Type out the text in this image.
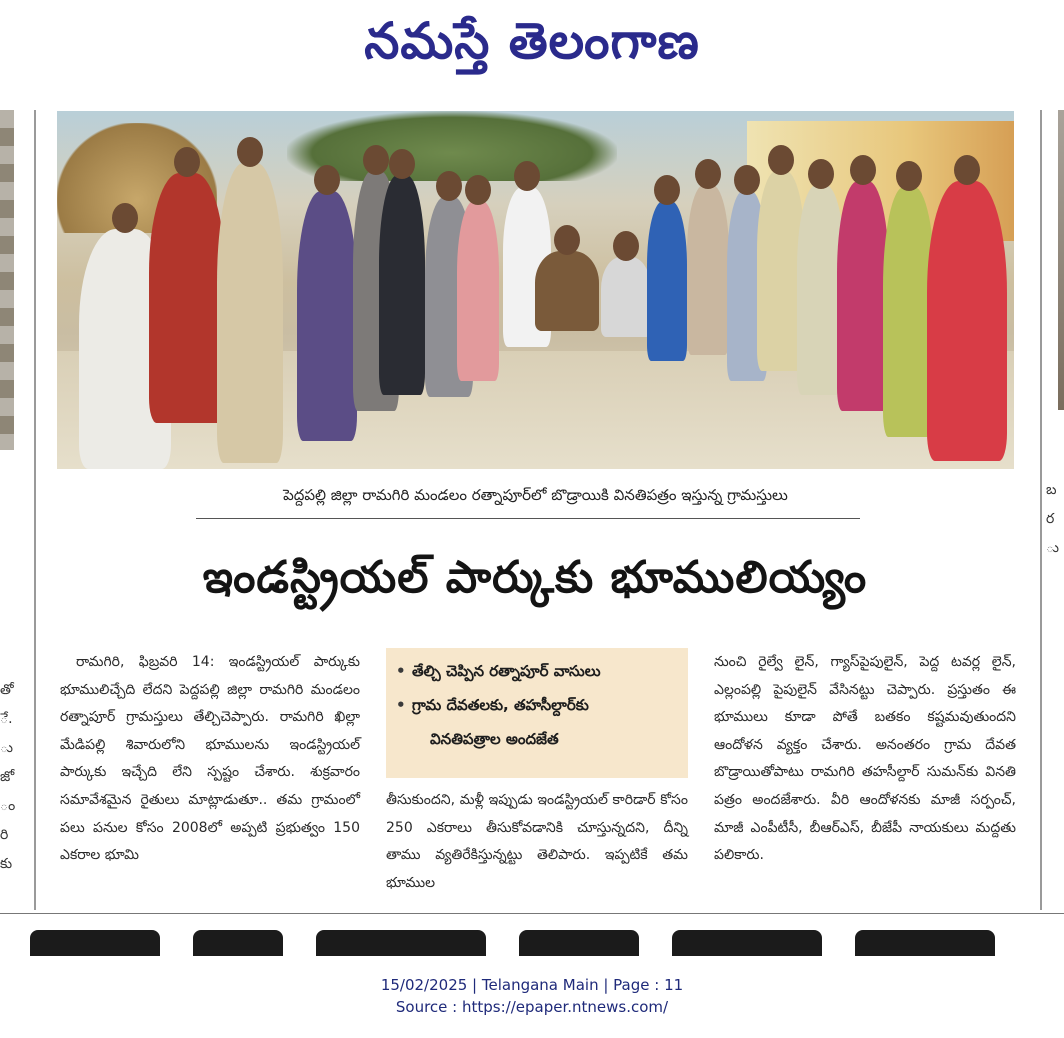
నమస్తే తెలంగాణ
తో
ే.
ు
జో
ం
రి
కు
బ
ర
ు
పెద్దపల్లి జిల్లా రామగిరి మండలం రత్నాపూర్‌లో బొడ్రాయికి వినతిపత్రం ఇస్తున్న గ్రామస్తులు
ఇండస్ట్రియల్ పార్కుకు భూములియ్యం
రామగిరి, ఫిబ్రవరి 14: ఇండస్ట్రియల్ పార్కుకు భూములిచ్చేది లేదని పెద్దపల్లి జిల్లా రామగిరి మండలం రత్నాపూర్ గ్రామస్తులు తేల్చిచెప్పారు. రామగిరి ఖిల్లా మేడిపల్లి శివారులోని భూములను ఇండస్ట్రియల్ పార్కుకు ఇచ్చేది లేని స్పష్టం చేశారు. శుక్రవారం సమావేశమైన రైతులు మాట్లాడుతూ.. తమ గ్రామంలో పలు పనుల కోసం 2008లో అప్పటి ప్రభుత్వం 150 ఎకరాల భూమి
• తేల్చి చెప్పిన రత్నాపూర్ వాసులు
• గ్రామ దేవతలకు, తహసీల్దార్‌కు
వినతిపత్రాల అందజేత
తీసుకుందని, మళ్లీ ఇప్పుడు ఇండస్ట్రియల్ కారిడార్ కోసం 250 ఎకరాలు తీసుకోవడానికి చూస్తున్నదని, దీన్ని తాము వ్యతిరేకిస్తున్నట్టు తెలిపారు. ఇప్పటికే తమ భూముల
నుంచి రైల్వే లైన్, గ్యాస్‌పైపులైన్, పెద్ద టవర్ల లైన్, ఎల్లంపల్లి పైపులైన్ వేసినట్టు చెప్పారు. ప్రస్తుతం ఈ భూములు కూడా పోతే బతకం కష్టమవుతుందని ఆందోళన వ్యక్తం చేశారు. అనంతరం గ్రామ దేవత బొడ్రాయితోపాటు రామగిరి తహసీల్దార్ సుమన్‌కు వినతి పత్రం అందజేశారు. వీరి ఆందోళనకు మాజీ సర్పంచ్, మాజీ ఎంపీటీసీ, బీఆర్ఎస్, బీజేపీ నాయకులు మద్దతు పలికారు.

15/02/2025 | Telangana Main | Page : 11
Source : https://epaper.ntnews.com/
